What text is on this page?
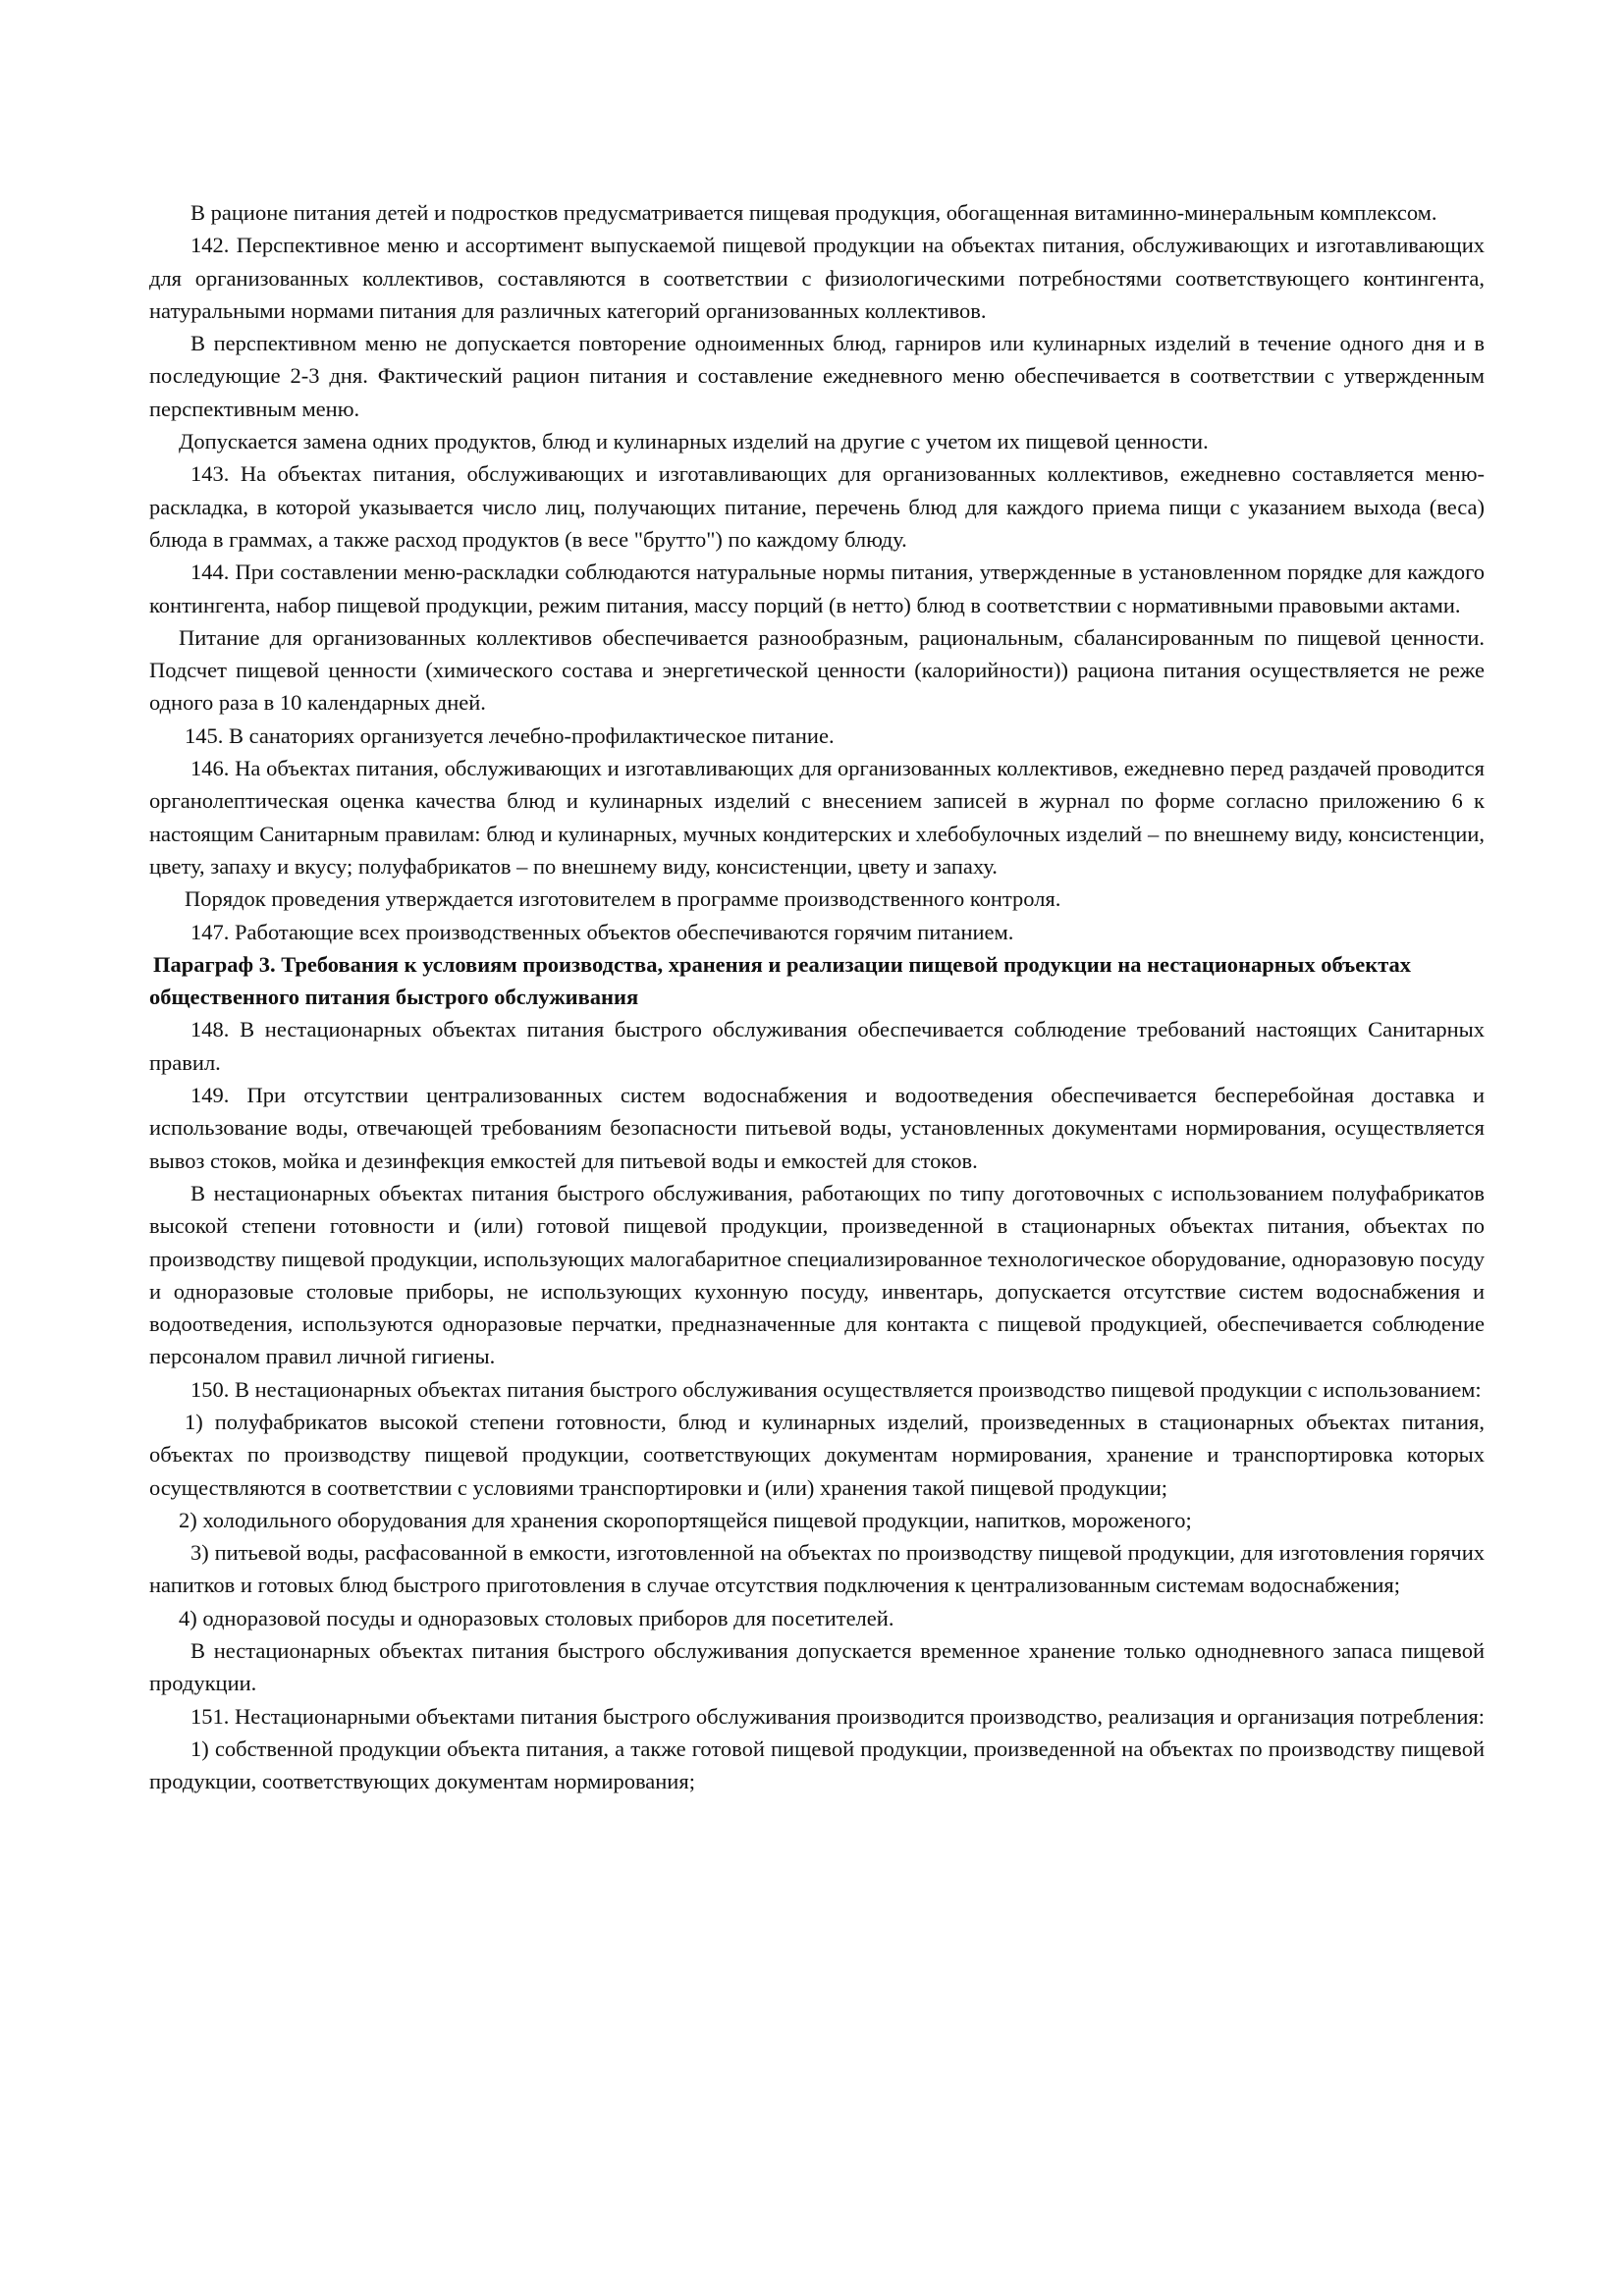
В рационе питания детей и подростков предусматривается пищевая продукция, обогащенная витаминно-минеральным комплексом.

142. Перспективное меню и ассортимент выпускаемой пищевой продукции на объектах питания, обслуживающих и изготавливающих для организованных коллективов, составляются в соответствии с физиологическими потребностями соответствующего контингента, натуральными нормами питания для различных категорий организованных коллективов.

В перспективном меню не допускается повторение одноименных блюд, гарниров или кулинарных изделий в течение одного дня и в последующие 2-3 дня. Фактический рацион питания и составление ежедневного меню обеспечивается в соответствии с утвержденным перспективным меню.

Допускается замена одних продуктов, блюд и кулинарных изделий на другие с учетом их пищевой ценности.

143. На объектах питания, обслуживающих и изготавливающих для организованных коллективов, ежедневно составляется меню-раскладка, в которой указывается число лиц, получающих питание, перечень блюд для каждого приема пищи с указанием выхода (веса) блюда в граммах, а также расход продуктов (в весе "брутто") по каждому блюду.

144. При составлении меню-раскладки соблюдаются натуральные нормы питания, утвержденные в установленном порядке для каждого контингента, набор пищевой продукции, режим питания, массу порций (в нетто) блюд в соответствии с нормативными правовыми актами.

Питание для организованных коллективов обеспечивается разнообразным, рациональным, сбалансированным по пищевой ценности. Подсчет пищевой ценности (химического состава и энергетической ценности (калорийности)) рациона питания осуществляется не реже одного раза в 10 календарных дней.

145. В санаториях организуется лечебно-профилактическое питание.

146. На объектах питания, обслуживающих и изготавливающих для организованных коллективов, ежедневно перед раздачей проводится органолептическая оценка качества блюд и кулинарных изделий с внесением записей в журнал по форме согласно приложению 6 к настоящим Санитарным правилам: блюд и кулинарных, мучных кондитерских и хлебобулочных изделий – по внешнему виду, консистенции, цвету, запаху и вкусу; полуфабрикатов – по внешнему виду, консистенции, цвету и запаху.

Порядок проведения утверждается изготовителем в программе производственного контроля.

147. Работающие всех производственных объектов обеспечиваются горячим питанием.

Параграф 3. Требования к условиям производства, хранения и реализации пищевой продукции на нестационарных объектах общественного питания быстрого обслуживания

148. В нестационарных объектах питания быстрого обслуживания обеспечивается соблюдение требований настоящих Санитарных правил.

149. При отсутствии централизованных систем водоснабжения и водоотведения обеспечивается бесперебойная доставка и использование воды, отвечающей требованиям безопасности питьевой воды, установленных документами нормирования, осуществляется вывоз стоков, мойка и дезинфекция емкостей для питьевой воды и емкостей для стоков.

В нестационарных объектах питания быстрого обслуживания, работающих по типу доготовочных с использованием полуфабрикатов высокой степени готовности и (или) готовой пищевой продукции, произведенной в стационарных объектах питания, объектах по производству пищевой продукции, использующих малогабаритное специализированное технологическое оборудование, одноразовую посуду и одноразовые столовые приборы, не использующих кухонную посуду, инвентарь, допускается отсутствие систем водоснабжения и водоотведения, используются одноразовые перчатки, предназначенные для контакта с пищевой продукцией, обеспечивается соблюдение персоналом правил личной гигиены.

150. В нестационарных объектах питания быстрого обслуживания осуществляется производство пищевой продукции с использованием:

1) полуфабрикатов высокой степени готовности, блюд и кулинарных изделий, произведенных в стационарных объектах питания, объектах по производству пищевой продукции, соответствующих документам нормирования, хранение и транспортировка которых осуществляются в соответствии с условиями транспортировки и (или) хранения такой пищевой продукции;

2) холодильного оборудования для хранения скоропортящейся пищевой продукции, напитков, мороженого;

3) питьевой воды, расфасованной в емкости, изготовленной на объектах по производству пищевой продукции, для изготовления горячих напитков и готовых блюд быстрого приготовления в случае отсутствия подключения к централизованным системам водоснабжения;

4) одноразовой посуды и одноразовых столовых приборов для посетителей.

В нестационарных объектах питания быстрого обслуживания допускается временное хранение только однодневного запаса пищевой продукции.

151. Нестационарными объектами питания быстрого обслуживания производится производство, реализация и организация потребления:

1) собственной продукции объекта питания, а также готовой пищевой продукции, произведенной на объектах по производству пищевой продукции, соответствующих документам нормирования;
